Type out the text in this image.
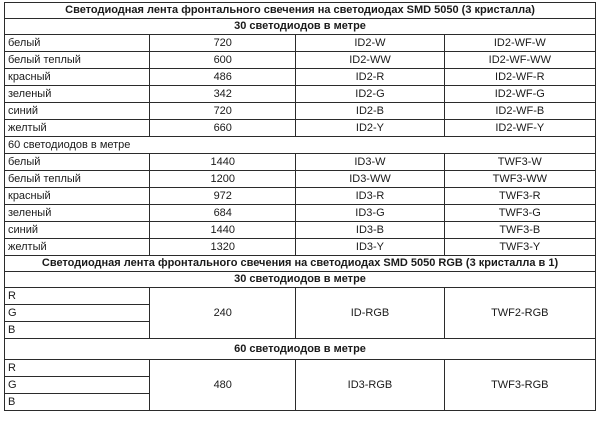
Светодиодная лента фронтального свечения на светодиодах SMD 5050 (3 кристалла)			
30 светодиодов в метре			
белый	720	ID2-W	ID2-WF-W
белый теплый	600	ID2-WW	ID2-WF-WW
красный	486	ID2-R	ID2-WF-R
зеленый	342	ID2-G	ID2-WF-G
синий	720	ID2-B	ID2-WF-B
желтый	660	ID2-Y	ID2-WF-Y
60 светодиодов в метре			
белый	1440	ID3-W	TWF3-W
белый теплый	1200	ID3-WW	TWF3-WW
красный	972	ID3-R	TWF3-R
зеленый	684	ID3-G	TWF3-G
синий	1440	ID3-B	TWF3-B
желтый	1320	ID3-Y	TWF3-Y
Светодиодная лента фронтального свечения на светодиодах SMD 5050 RGB (3 кристалла в 1)			
30 светодиодов в метре			
R	240	ID-RGB	TWF2-RGB
G			
B			
60 светодиодов в метре			
R	480	ID3-RGB	TWF3-RGB
G			
B			
